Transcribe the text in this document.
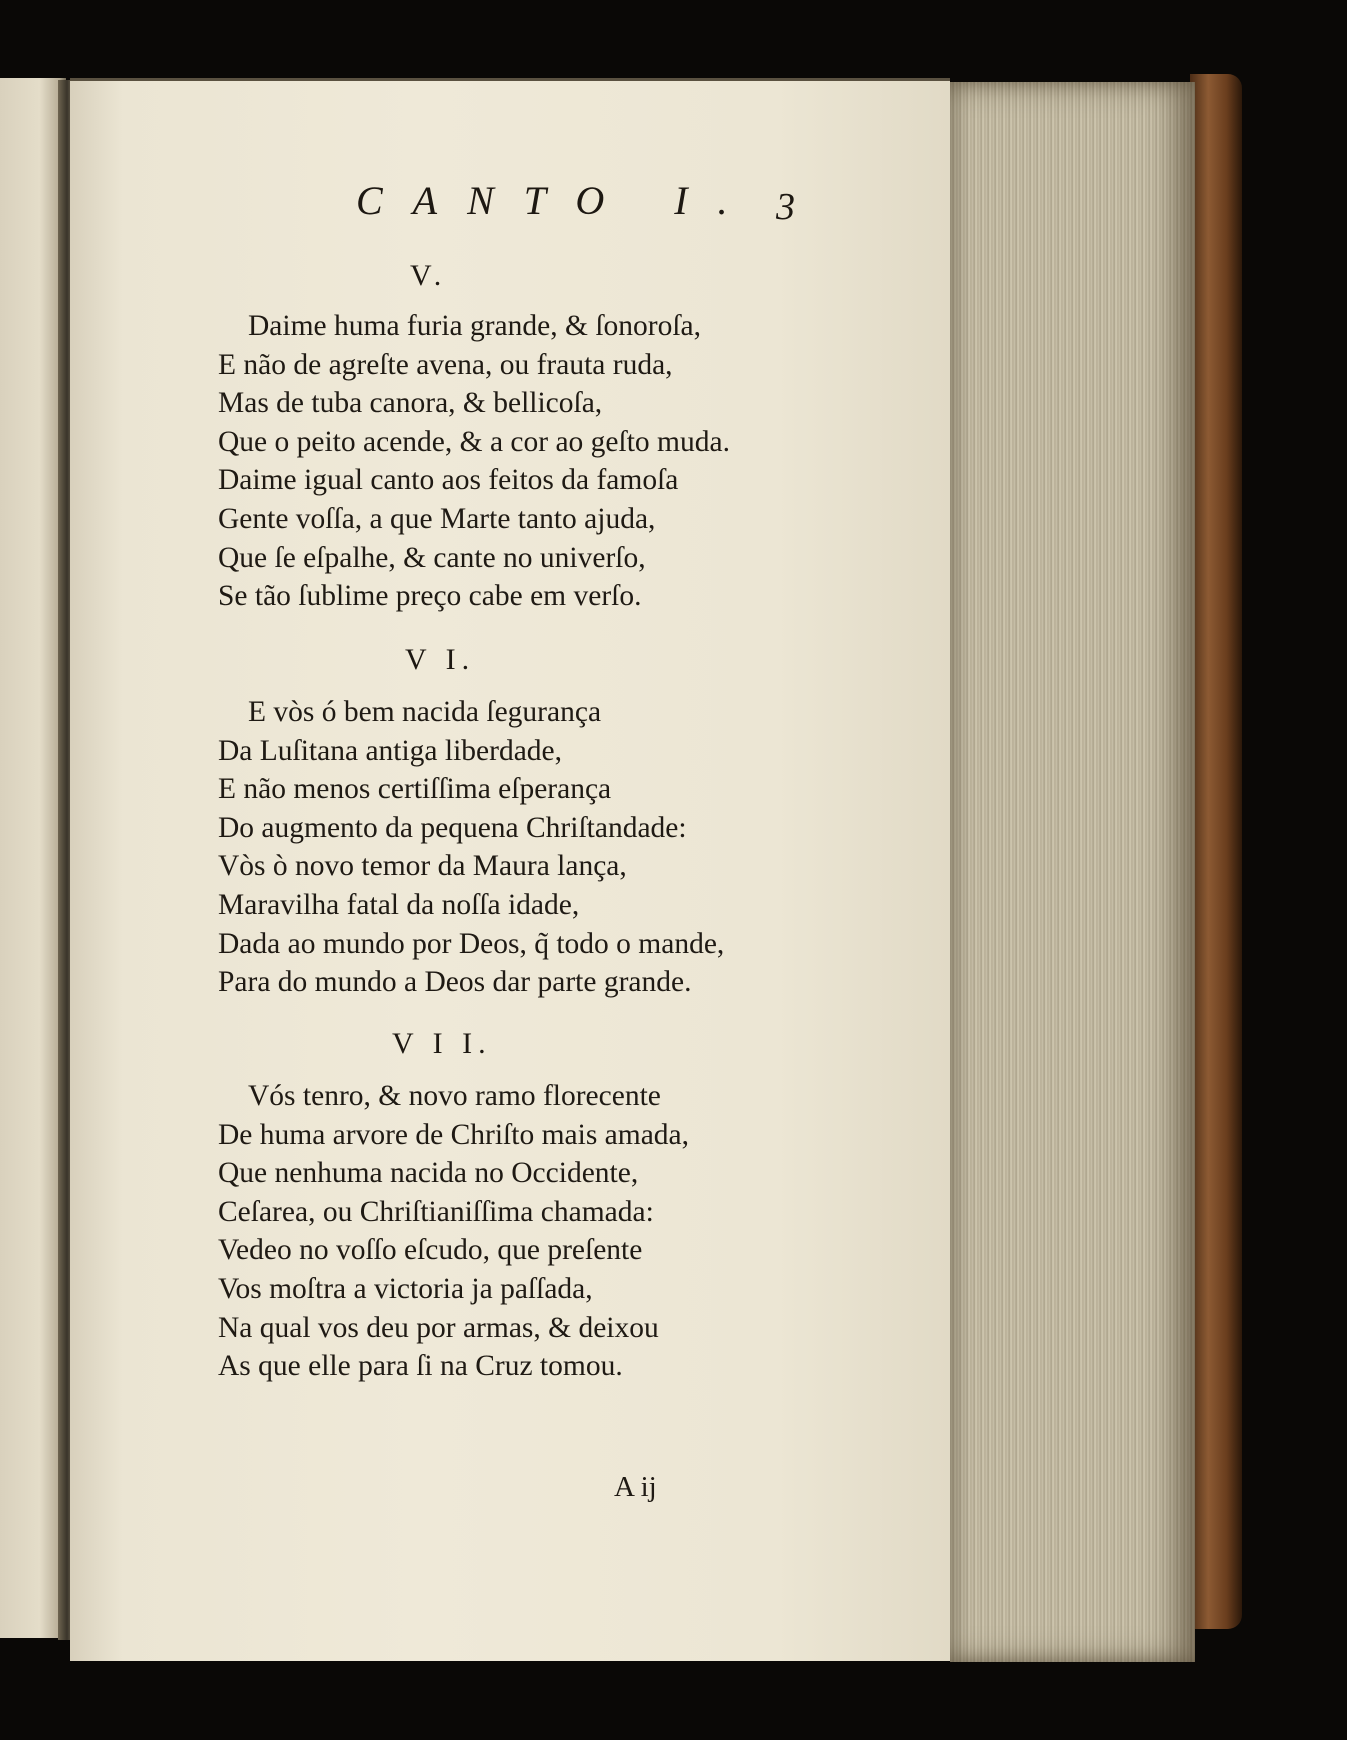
CANTO I. 3
V.
Daime huma furia grande, & ſonoroſa,
E não de agreſte avena, ou frauta ruda,
Mas de tuba canora, & bellicoſa,
Que o peito acende, & a cor ao geſto muda.
Daime igual canto aos feitos da famoſa
Gente voſſa, a que Marte tanto ajuda,
Que ſe eſpalhe, & cante no univerſo,
Se tão ſublime preço cabe em verſo.
V I.
E vòs ó bem nacida ſegurança
Da Luſitana antiga liberdade,
E não menos certiſſima eſperança
Do augmento da pequena Chriſtandade:
Vòs ò novo temor da Maura lança,
Maravilha fatal da noſſa idade,
Dada ao mundo por Deos, q̃ todo o mande,
Para do mundo a Deos dar parte grande.
V I I.
Vós tenro, & novo ramo florecente
De huma arvore de Chriſto mais amada,
Que nenhuma nacida no Occidente,
Ceſarea, ou Chriſtianiſſima chamada:
Vedeo no voſſo eſcudo, que preſente
Vos moſtra a victoria ja paſſada,
Na qual vos deu por armas, & deixou
As que elle para ſi na Cruz tomou.
A ij
